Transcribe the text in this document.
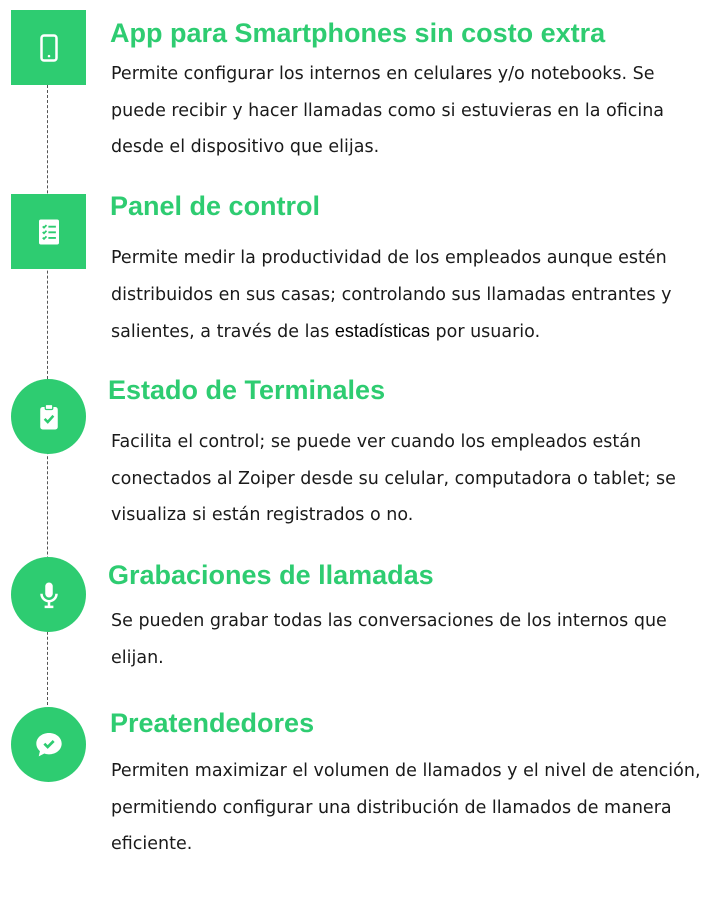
App para Smartphones sin costo extra

Permite configurar los internos en celulares y/o notebooks. Se puede recibir y hacer llamadas como si estuvieras en la oficina desde el dispositivo que elijas.

Panel de control

Permite medir la productividad de los empleados aunque estén distribuidos en sus casas; controlando sus llamadas entrantes y salientes, a través de las estadísticas por usuario.

Estado de Terminales

Facilita el control; se puede ver cuando los empleados están conectados al Zoiper desde su celular, computadora o tablet; se visualiza si están registrados o no.

Grabaciones de llamadas

Se pueden grabar todas las conversaciones de los internos que elijan.

Preatendedores

Permiten maximizar el volumen de llamados y el nivel de atención, permitiendo configurar una distribución de llamados de manera eficiente.
